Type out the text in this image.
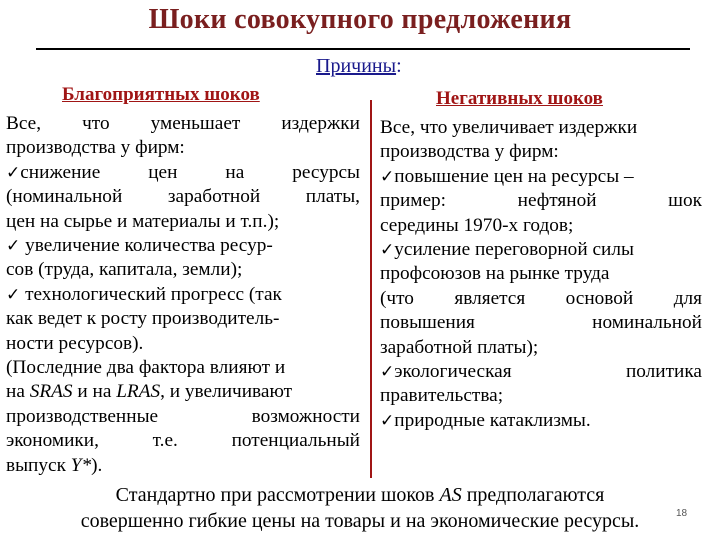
Шоки совокупного предложения
Причины:
Благоприятных шоков	Негативных шоков
Все, что уменьшает издержки
производства у фирм:
✓снижение цен на ресурсы
(номинальной заработной платы,
цен на сырье и материалы и т.п.);
✓ увеличение количества ресур-
сов (труда, капитала, земли);
✓ технологический прогресс (так
как ведет к росту производитель-
ности ресурсов).
(Последние два фактора влияют и
на SRAS и на LRAS, и увеличивают
производственные	возможности
экономики,	т.е.	потенциальный
выпуск Y*).
Все, что увеличивает издержки
производства у фирм:
✓повышение цен на ресурсы –
пример:	нефтяной	шок
середины 1970-х годов;
✓усиление переговорной силы
профсоюзов на рынке труда
(что является основой для
повышения	номинальной
заработной платы);
✓экологическая	политика
правительства;
✓природные катаклизмы.
Стандартно при рассмотрении шоков AS предполагаются
совершенно гибкие цены на товары и на экономические ресурсы.	18
